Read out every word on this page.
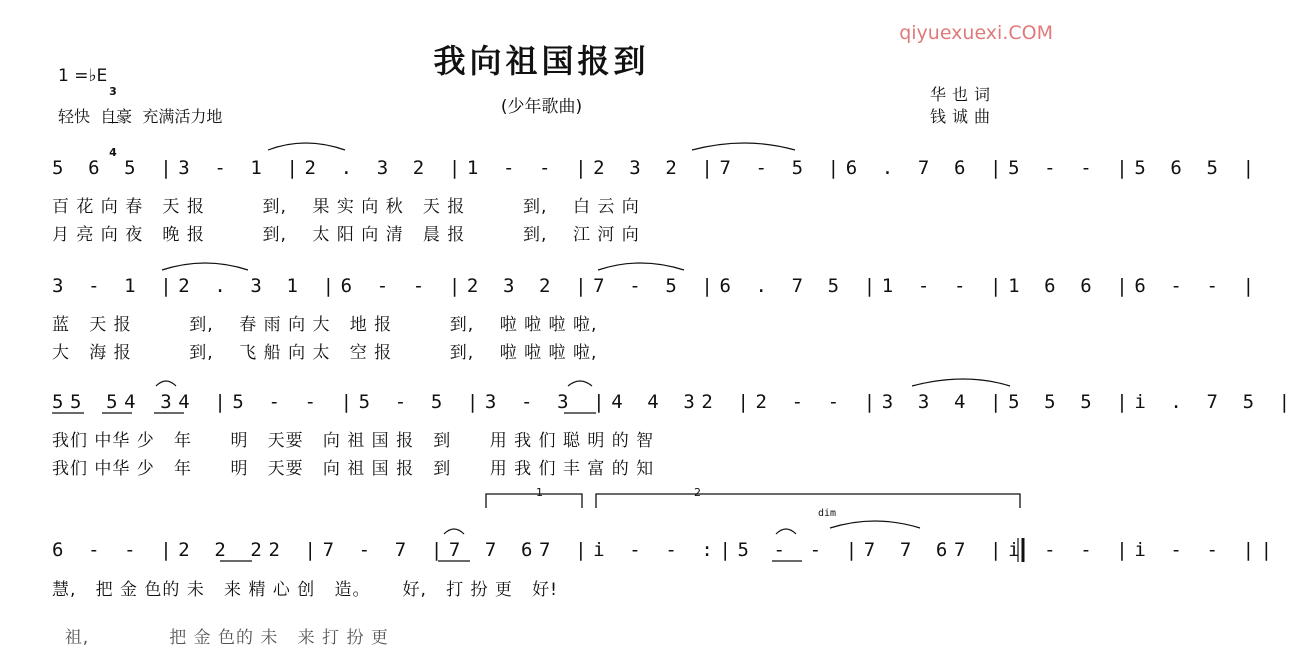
qiyuexuexi.COM
我向祖国报到
(少年歌曲)
1 =♭E

3

4

轻快  自豪  充满活力地
华也词
钱诚曲
5 6 5 |3 - 1 |2 . 3 2 |1 - - |2 3 2 |7 - 5 |6 . 7 6 |5 - - |5 6 5 |
百 花 向 春   天 报         到,    果 实 向 秋   天 报         到,    白 云 向
月 亮 向 夜   晚 报         到,    太 阳 向 清   晨 报         到,    江 河 向
3 - 1 |2 . 3 1 |6 - - |2 3 2 |7 - 5 |6 . 7 5 |1 - - |1 6 6 |6 - - |
蓝   天 报         到,    春 雨 向 大   地 报         到,    啦 啦 啦 啦,
大   海 报         到,    飞 船 向 太   空 报         到,    啦 啦 啦 啦,
55 54 34 |5 - - |5 - 5 |3 - 3 |4 4 32 |2 - - |3 3 4 |5 5 5 |i . 7 5 |
我们 中华 少   年      明   天要   向 祖 国 报   到      用 我 们 聪 明 的 智
我们 中华 少   年      明   天要   向 祖 国 报   到      用 我 们 丰 富 的 知
1	2
dim
6 - - |2 2 22 |7 - 7 |7 7 67 |i - - :|5 - - |7 7 67 |i - - |i - - ||
慧,   把 金 色的 未   来 精 心 创   造。     好,   打 扮 更   好!

祖,	把 金 色的 未   来 打 扮 更
